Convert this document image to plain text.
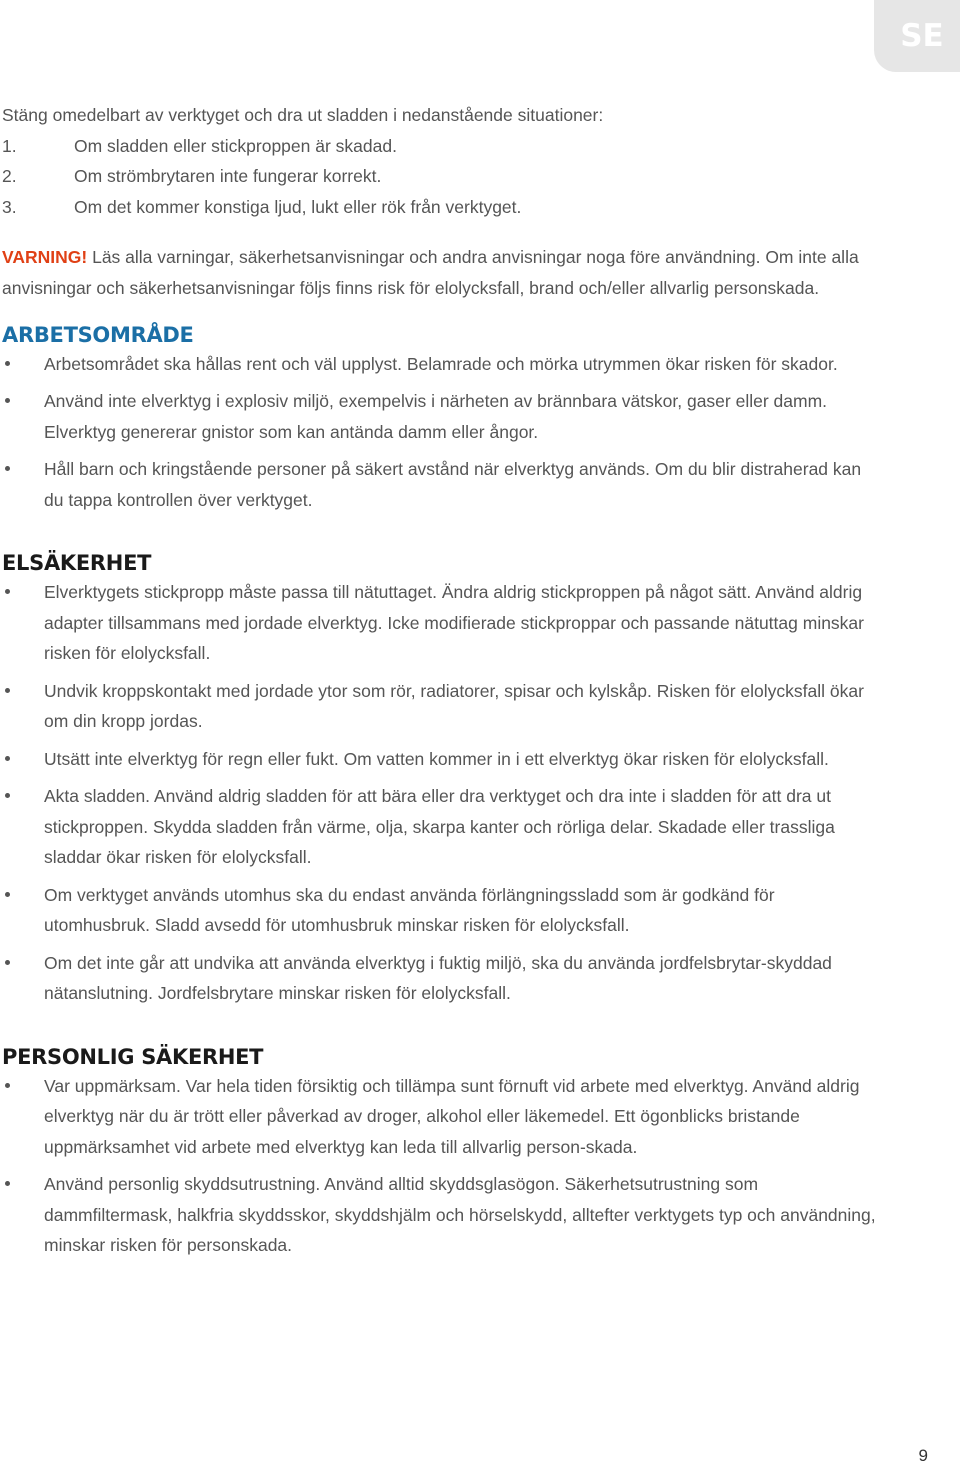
SE

Stäng omedelbart av verktyget och dra ut sladden i nedanstående situationer:

1.	Om sladden eller stickproppen är skadad.
2.	Om strömbrytaren inte fungerar korrekt.
3.	Om det kommer konstiga ljud, lukt eller rök från verktyget.

VARNING! Läs alla varningar, säkerhetsanvisningar och andra anvisningar noga före användning. Om inte alla anvisningar och säkerhetsanvisningar följs finns risk för elolycksfall, brand och/eller allvarlig personskada.

ARBETSOMRÅDE
Arbetsområdet ska hållas rent och väl upplyst. Belamrade och mörka utrymmen ökar risken för skador.
Använd inte elverktyg i explosiv miljö, exempelvis i närheten av brännbara vätskor, gaser eller damm. Elverktyg genererar gnistor som kan antända damm eller ångor.
Håll barn och kringstående personer på säkert avstånd när elverktyg används. Om du blir distraherad kan du tappa kontrollen över verktyget.
ELSÄKERHET
Elverktygets stickpropp måste passa till nätuttaget. Ändra aldrig stickproppen på något sätt. Använd aldrig adapter tillsammans med jordade elverktyg. Icke modifierade stickproppar och passande nätuttag minskar risken för elolycksfall.
Undvik kroppskontakt med jordade ytor som rör, radiatorer, spisar och kylskåp. Risken för elolycksfall ökar om din kropp jordas.
Utsätt inte elverktyg för regn eller fukt. Om vatten kommer in i ett elverktyg ökar risken för elolycksfall.
Akta sladden. Använd aldrig sladden för att bära eller dra verktyget och dra inte i sladden för att dra ut stickproppen. Skydda sladden från värme, olja, skarpa kanter och rörliga delar. Skadade eller trassliga sladdar ökar risken för elolycksfall.
Om verktyget används utomhus ska du endast använda förlängningssladd som är godkänd för utomhusbruk. Sladd avsedd för utomhusbruk minskar risken för elolycksfall.
Om det inte går att undvika att använda elverktyg i fuktig miljö, ska du använda jordfelsbrytar-skyddad nätanslutning. Jordfelsbrytare minskar risken för elolycksfall.
PERSONLIG SÄKERHET
Var uppmärksam. Var hela tiden försiktig och tillämpa sunt förnuft vid arbete med elverktyg. Använd aldrig elverktyg när du är trött eller påverkad av droger, alkohol eller läkemedel. Ett ögonblicks bristande uppmärksamhet vid arbete med elverktyg kan leda till allvarlig person-skada.
Använd personlig skyddsutrustning. Använd alltid skyddsglasögon. Säkerhetsutrustning som dammfiltermask, halkfria skyddsskor, skyddshjälm och hörselskydd, alltefter verktygets typ och användning, minskar risken för personskada.
9
